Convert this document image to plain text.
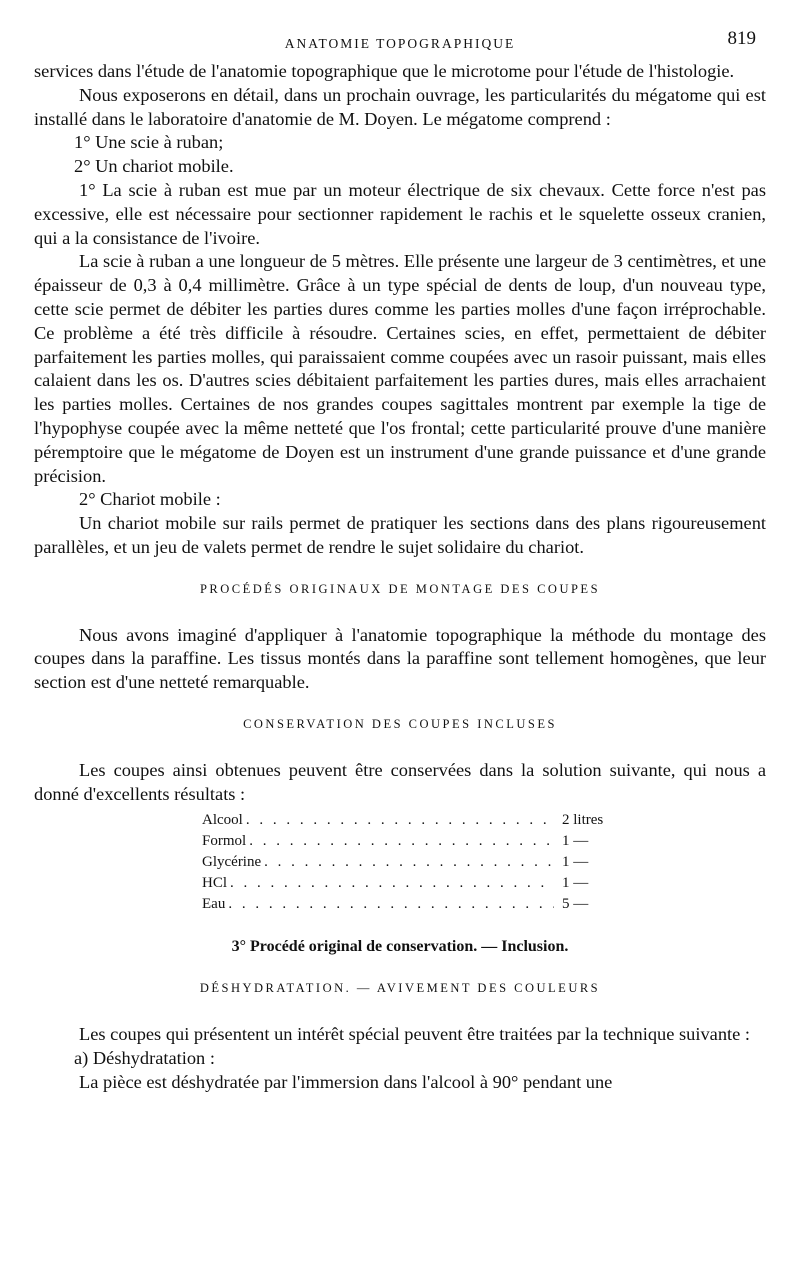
ANATOMIE TOPOGRAPHIQUE	819

services dans l'étude de l'anatomie topographique que le microtome pour l'étude de l'histologie.

Nous exposerons en détail, dans un prochain ouvrage, les particularités du mégatome qui est installé dans le laboratoire d'anatomie de M. Doyen. Le mégatome comprend :

1° Une scie à ruban;

2° Un chariot mobile.

1° La scie à ruban est mue par un moteur électrique de six chevaux. Cette force n'est pas excessive, elle est nécessaire pour sectionner rapidement le rachis et le squelette osseux cranien, qui a la consistance de l'ivoire.

La scie à ruban a une longueur de 5 mètres. Elle présente une largeur de 3 centimètres, et une épaisseur de 0,3 à 0,4 millimètre. Grâce à un type spécial de dents de loup, d'un nouveau type, cette scie permet de débiter les parties dures comme les parties molles d'une façon irréprochable. Ce problème a été très difficile à résoudre. Certaines scies, en effet, permettaient de débiter parfaitement les parties molles, qui paraissaient comme coupées avec un rasoir puissant, mais elles calaient dans les os. D'autres scies débitaient parfaitement les parties dures, mais elles arrachaient les parties molles. Certaines de nos grandes coupes sagittales montrent par exemple la tige de l'hypophyse coupée avec la même netteté que l'os frontal; cette particularité prouve d'une manière péremptoire que le mégatome de Doyen est un instrument d'une grande puissance et d'une grande précision.

2° Chariot mobile :

Un chariot mobile sur rails permet de pratiquer les sections dans des plans rigoureusement parallèles, et un jeu de valets permet de rendre le sujet solidaire du chariot.

PROCÉDÉS ORIGINAUX DE MONTAGE DES COUPES

Nous avons imaginé d'appliquer à l'anatomie topographique la méthode du montage des coupes dans la paraffine. Les tissus montés dans la paraffine sont tellement homogènes, que leur section est d'une netteté remarquable.

CONSERVATION DES COUPES INCLUSES

Les coupes ainsi obtenues peuvent être conservées dans la solution suivante, qui nous a donné d'excellents résultats :

Alcool . . .	2 litres
Formol . . .	1 —
Glycérine . . .	1 —
HCl . . .	1 —
Eau . . .	5 —
3° Procédé original de conservation. — Inclusion.
DÉSHYDRATATION. — AVIVEMENT DES COULEURS

Les coupes qui présentent un intérêt spécial peuvent être traitées par la technique suivante :

a) Déshydratation :

La pièce est déshydratée par l'immersion dans l'alcool à 90° pendant une
